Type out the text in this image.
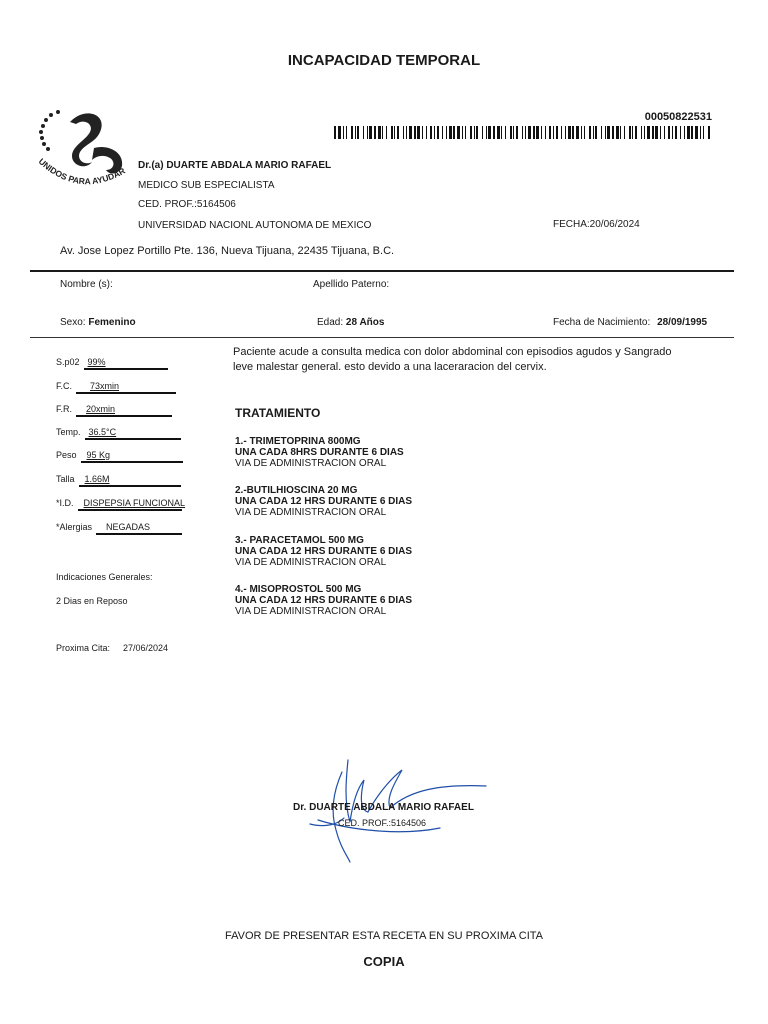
INCAPACIDAD TEMPORAL
00050822531
UNIDOS PARA AYUDAR
Dr.(a) DUARTE ABDALA MARIO RAFAEL
MEDICO SUB ESPECIALISTA
CED. PROF.:5164506
UNIVERSIDAD NACIONL AUTONOMA DE MEXICO	FECHA:20/06/2024
Av. Jose Lopez Portillo Pte. 136, Nueva Tijuana, 22435 Tijuana, B.C.
Nombre (s):	Apellido Paterno:
Sexo: Femenino	Edad: 28 Años	Fecha de Nacimiento: 28/09/1995
S.p02 99%
F.C. 73xmin
F.R. 20xmin
Temp. 36.5°C
Peso 95 Kg
Talla 1.66M
*I.D. DISPEPSIA FUNCIONAL
*Alergias NEGADAS
Indicaciones Generales:
2 Dias en Reposo
Proxima Cita: 27/06/2024
Paciente acude a consulta medica con dolor abdominal con episodios agudos y Sangrado leve malestar general. esto devido a una laceraracion del cervix.
TRATAMIENTO
1.- TRIMETOPRINA 800MG
UNA CADA 8HRS DURANTE 6 DIAS
VIA DE ADMINISTRACION ORAL
2.-BUTILHIOSCINA 20 MG
UNA CADA 12 HRS DURANTE 6 DIAS
VIA DE ADMINISTRACION ORAL
3.- PARACETAMOL 500 MG
UNA CADA 12 HRS DURANTE 6 DIAS
VIA DE ADMINISTRACION ORAL
4.- MISOPROSTOL 500 MG
UNA CADA 12 HRS DURANTE 6 DIAS
VIA DE ADMINISTRACION ORAL
Dr. DUARTE ABDALA MARIO RAFAEL
CED. PROF.:5164506
FAVOR DE PRESENTAR ESTA RECETA EN SU PROXIMA CITA
COPIA
